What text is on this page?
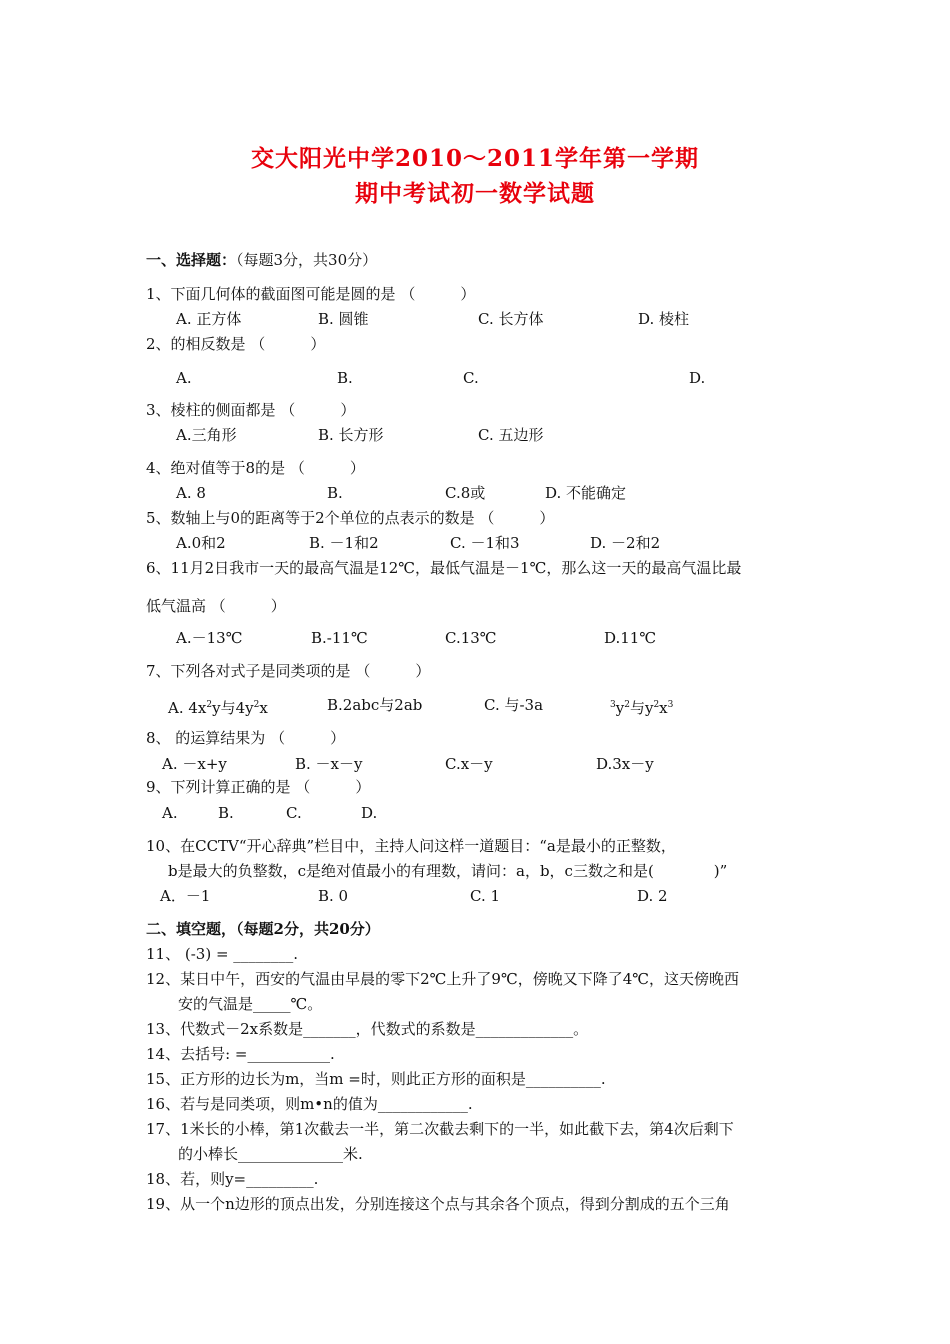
交大阳光中学2010～2011学年第一学期
期中考试初一数学试题
一、选择题：（每题3分，共30分）
1、下面几何体的截面图可能是圆的是 （　　　）
A. 正方体	B. 圆锥	C. 长方体	D. 棱柱
2、的相反数是 （　　　）
A.	B.	C.	D.
3、棱柱的侧面都是 （　　　）
A.三角形	B. 长方形	C. 五边形
4、绝对值等于8的是 （　　　）
A. 8	B.	C.8或	D. 不能确定
5、数轴上与0的距离等于2个单位的点表示的数是 （　　　）
A.0和2	B. －1和2	C. －1和3	D. －2和2
6、11月2日我市一天的最高气温是12℃，最低气温是－1℃，那么这一天的最高气温比最
低气温高 （　　　）
A.－13℃	B.-11℃	C.13℃	D.11℃
7、下列各对式子是同类项的是 （　　　）
A. $4x^2y$与$4y^2x$	B.2abc与2ab	C. 与-3a	$^3y^2$与$y^2x^3$
8、 的运算结果为 （　　　）
A. －x+y	B. －x－y	C.x－y	D.3x－y
9、下列计算正确的是 （　　　）
A.	B.	C.	D.
10、在CCTV“开心辞典”栏目中，主持人问这样一道题目：“a是最小的正整数，
b是最大的负整数，c是绝对值最小的有理数，请问：a，b，c三数之和是(　　　　)”
A．－1	B. 0	C. 1	D. 2
二、填空题，（每题2分，共20分）
11、 (-3) = ________.
12、某日中午，西安的气温由早晨的零下2℃上升了9℃，傍晚又下降了4℃，这天傍晚西
安的气温是_____℃。
13、代数式－2x系数是_______，代数式的系数是_____________。
14、去括号: =___________.
15、正方形的边长为m，当m =时，则此正方形的面积是__________.
16、若与是同类项，则m•n的值为____________.
17、1米长的小棒，第1次截去一半，第二次截去剩下的一半，如此截下去，第4次后剩下
的小棒长______________米.
18、若，则y=_________.
19、从一个n边形的顶点出发，分别连接这个点与其余各个顶点，得到分割成的五个三角
